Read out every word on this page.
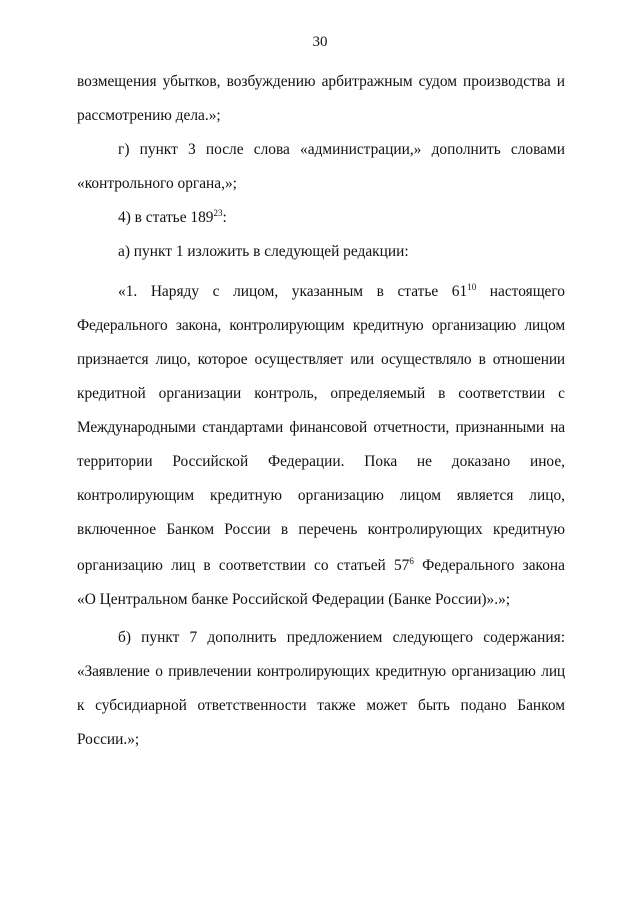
30
возмещения убытков, возбуждению арбитражным судом производства и
рассмотрению дела.»;
г) пункт 3 после слова «администрации,» дополнить словами
«контрольного органа,»;
4) в статье $189^{23}$:
а) пункт 1 изложить в следующей редакции:
«1. Наряду с лицом, указанным в статье $61^{10}$ настоящего
Федерального закона, контролирующим кредитную организацию лицом
признается лицо, которое осуществляет или осуществляло в отношении
кредитной организации контроль, определяемый в соответствии с
Международными стандартами финансовой отчетности, признанными на
территории Российской Федерации. Пока не доказано иное,
контролирующим кредитную организацию лицом является лицо,
включенное Банком России в перечень контролирующих кредитную
организацию лиц в соответствии со статьей $57^6$ Федерального закона
«О Центральном банке Российской Федерации (Банке России)».»;
б) пункт 7 дополнить предложением следующего содержания:
«Заявление о привлечении контролирующих кредитную организацию лиц
к субсидиарной ответственности также может быть подано Банком
России.»;
